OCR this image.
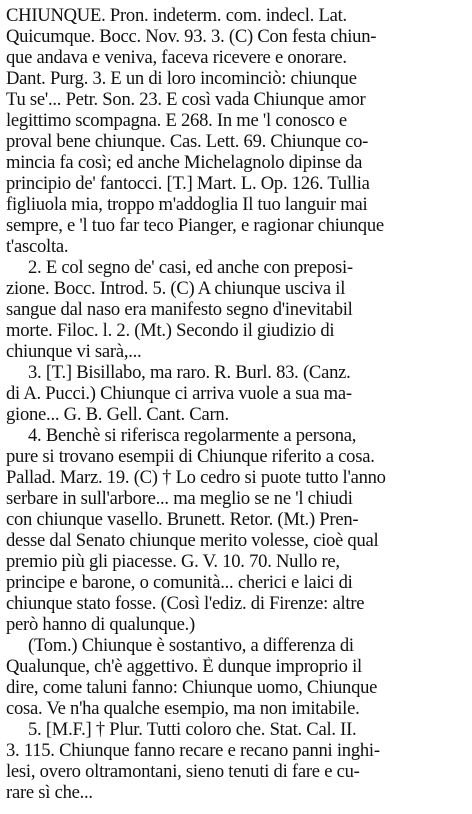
CHIUNQUE. Pron. indeterm. com. indecl. Lat.
Quicumque. Bocc. Nov. 93. 3. (C) Con festa chiun-
que andava e veniva, faceva ricevere e onorare.
Dant. Purg. 3. E un di loro incominciò: chiunque
Tu se'... Petr. Son. 23. E così vada Chiunque amor
legittimo scompagna. E 268. In me 'l conosco e
proval bene chiunque. Cas. Lett. 69. Chiunque co-
mincia fa così; ed anche Michelagnolo dipinse da
principio de' fantocci. [T.] Mart. L. Op. 126. Tullia
figliuola mia, troppo m'addoglia Il tuo languir mai
sempre, e 'l tuo far teco Pianger, e ragionar chiunque
t'ascolta.
2. E col segno de' casi, ed anche con preposi-
zione. Bocc. Introd. 5. (C) A chiunque usciva il
sangue dal naso era manifesto segno d'inevitabil
morte. Filoc. l. 2. (Mt.) Secondo il giudizio di
chiunque vi sarà,...
3. [T.] Bisillabo, ma raro. R. Burl. 83. (Canz.
di A. Pucci.) Chiunque ci arriva vuole a sua ma-
gione... G. B. Gell. Cant. Carn.
4. Benchè si riferisca regolarmente a persona,
pure si trovano esempii di Chiunque riferito a cosa.
Pallad. Marz. 19. (C) † Lo cedro si puote tutto l'anno
serbare in sull'arbore... ma meglio se ne 'l chiudi
con chiunque vasello. Brunett. Retor. (Mt.) Pren-
desse dal Senato chiunque merito volesse, cioè qual
premio più gli piacesse. G. V. 10. 70. Nullo re,
principe e barone, o comunità... cherici e laici di
chiunque stato fosse. (Così l'ediz. di Firenze: altre
però hanno di qualunque.)
(Tom.) Chiunque è sostantivo, a differenza di
Qualunque, ch'è aggettivo. È dunque improprio il
dire, come taluni fanno: Chiunque uomo, Chiunque
cosa. Ve n'ha qualche esempio, ma non imitabile.
5. [M.F.] † Plur. Tutti coloro che. Stat. Cal. II.
3. 115. Chiunque fanno recare e recano panni inghi-
lesi, overo oltramontani, sieno tenuti di fare e cu-
rare sì che...
